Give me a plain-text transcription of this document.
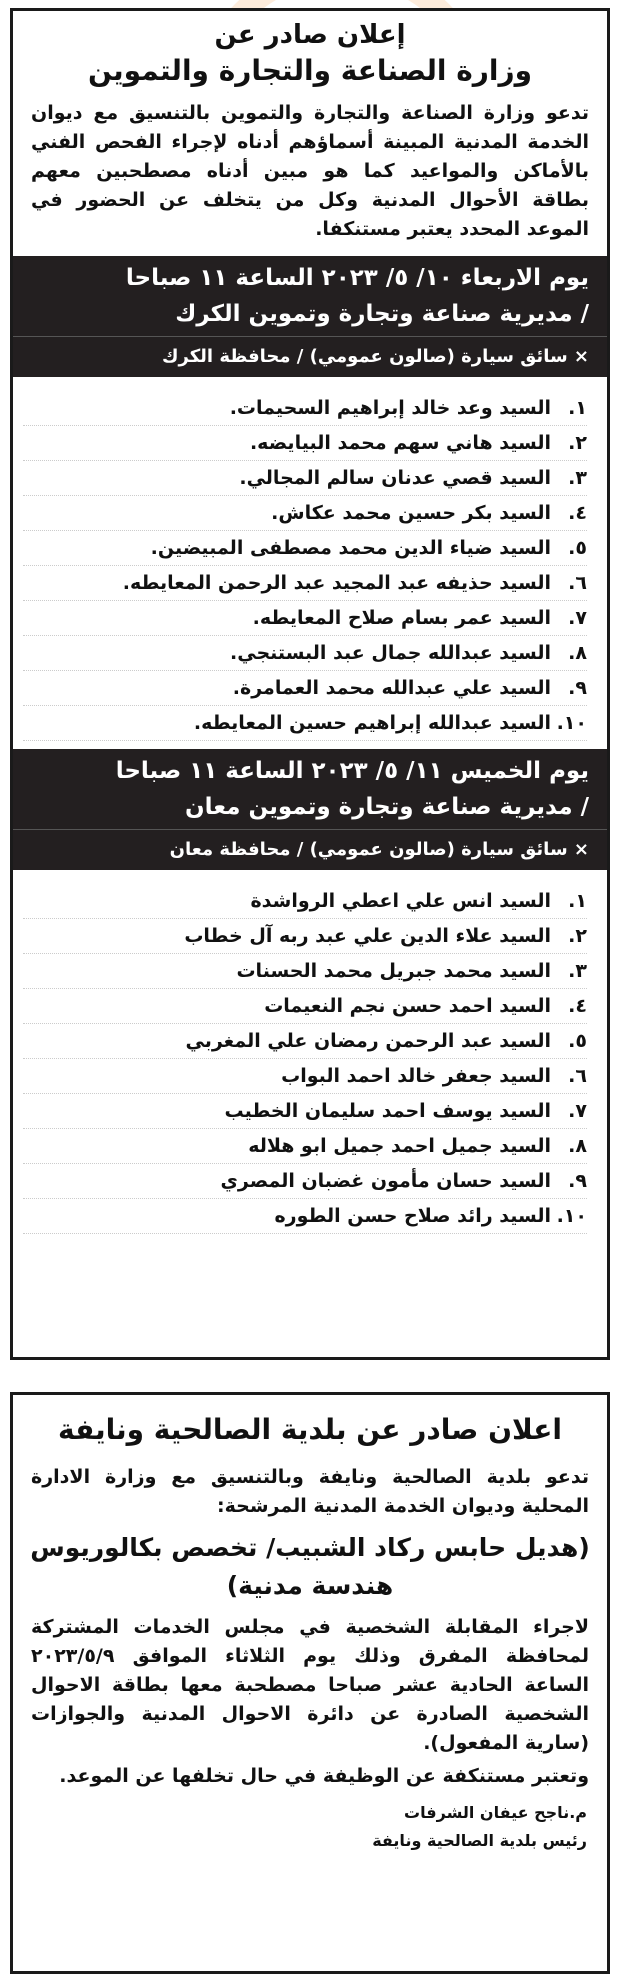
إعلان صادر عن
وزارة الصناعة والتجارة والتموين
تدعو وزارة الصناعة والتجارة والتموين بالتنسيق مع ديوان الخدمة المدنية المبينة أسماؤهم أدناه لإجراء الفحص الفني بالأماكن والمواعيد كما هو مبين أدناه مصطحبين معهم بطاقة الأحوال المدنية وكل من يتخلف عن الحضور في الموعد المحدد يعتبر مستنكفا.
يوم الاربعاء ١٠/ ٥/ ٢٠٢٣ الساعة ١١ صباحا
/ مديرية صناعة وتجارة وتموين الكرك
× سائق سيارة (صالون عمومي) / محافظة الكرك
١.السيد وعد خالد إبراهيم السحيمات.
٢.السيد هاني سهم محمد البيايضه.
٣.السيد قصي عدنان سالم المجالي.
٤.السيد بكر حسين محمد عكاش.
٥.السيد ضياء الدين محمد مصطفى المبيضين.
٦.السيد حذيفه عبد المجيد عبد الرحمن المعايطه.
٧.السيد عمر بسام صلاح المعايطه.
٨.السيد عبدالله جمال عبد البستنجي.
٩.السيد علي عبدالله محمد العمامرة.
١٠.السيد عبدالله إبراهيم حسين المعايطه.
يوم الخميس ١١/ ٥/ ٢٠٢٣ الساعة ١١ صباحا
/ مديرية صناعة وتجارة وتموين معان
× سائق سيارة (صالون عمومي) / محافظة معان
١.السيد انس علي اعطي الرواشدة
٢.السيد علاء الدين علي عبد ربه آل خطاب
٣.السيد محمد جبريل محمد الحسنات
٤.السيد احمد حسن نجم النعيمات
٥.السيد عبد الرحمن رمضان علي المغربي
٦.السيد جعفر خالد احمد البواب
٧.السيد يوسف احمد سليمان الخطيب
٨.السيد جميل احمد جميل ابو هلاله
٩.السيد حسان مأمون غضبان المصري
١٠.السيد رائد صلاح حسن الطوره
اعلان صادر عن بلدية الصالحية ونايفة
تدعو بلدية الصالحية ونايفة وبالتنسيق مع وزارة الادارة المحلية وديوان الخدمة المدنية المرشحة:
(هديل حابس ركاد الشبيب/ تخصص بكالوريوس
هندسة مدنية)
لاجراء المقابلة الشخصية في مجلس الخدمات المشتركة لمحافظة المفرق وذلك يوم الثلاثاء الموافق ٢٠٢٣/٥/٩ الساعة الحادية عشر صباحا مصطحبة معها بطاقة الاحوال الشخصية الصادرة عن دائرة الاحوال المدنية والجوازات (سارية المفعول).
وتعتبر مستنكفة عن الوظيفة في حال تخلفها عن الموعد.
م.ناجح عيفان الشرفات
رئيس بلدية الصالحية ونايفة
